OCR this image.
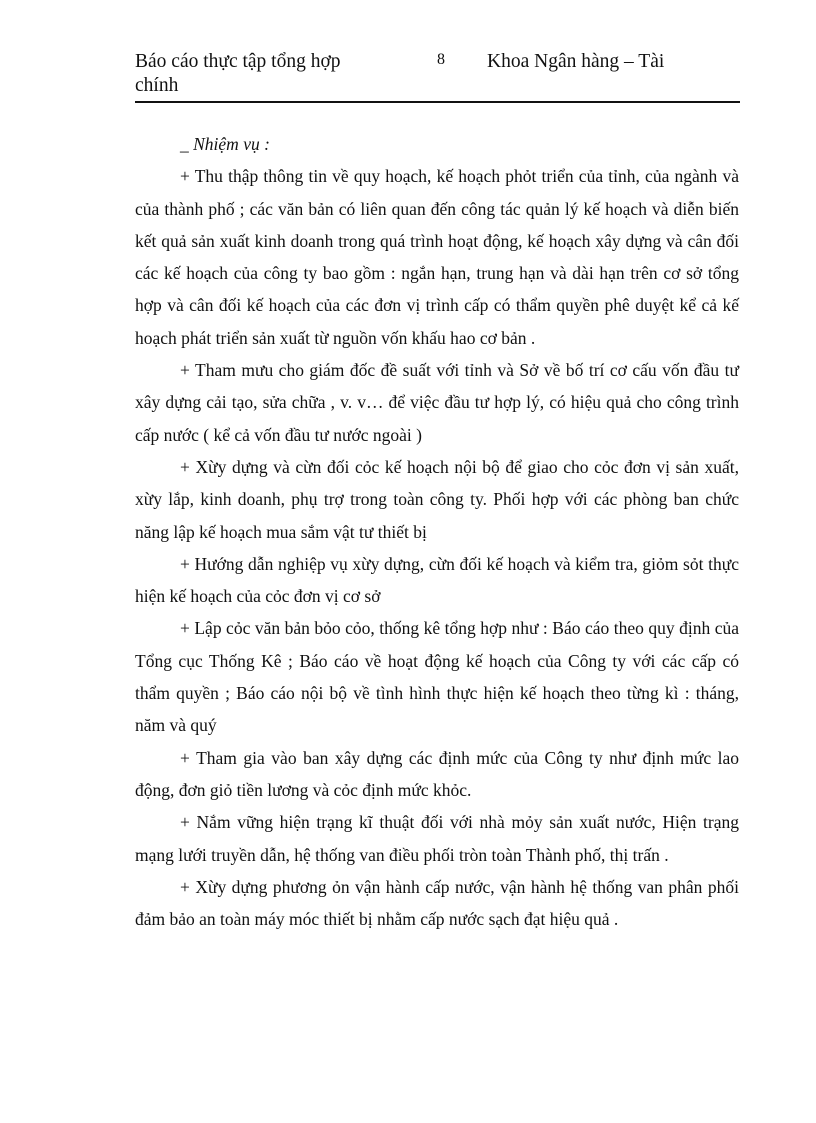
Báo cáo thực tập tổng hợp
chính
8 Khoa Ngân hàng – Tài

_ Nhiệm vụ :

+ Thu thập thông tin về quy hoạch, kế hoạch phỏt triển của tỉnh, của ngành và của thành phố ; các văn bản có liên quan đến công tác quản lý kế hoạch và diễn biến kết quả sản xuất kinh doanh trong quá trình hoạt động, kế hoạch xây dựng và cân đối các kế hoạch của công ty bao gồm : ngắn hạn, trung hạn và dài hạn trên cơ sở tổng hợp và cân đối kế hoạch của các đơn vị trình cấp có thẩm quyền phê duyệt kể cả kế hoạch phát triển sản xuất từ nguồn vốn khấu hao cơ bản .

+ Tham mưu cho giám đốc đề suất với tỉnh và Sở về bố trí cơ cấu vốn đầu tư xây dựng cải tạo, sửa chữa , v. v… để việc đầu tư hợp lý, có hiệu quả cho công trình cấp nước ( kể cả vốn đầu tư nước ngoài )

+ Xừy dựng và cừn đối cỏc kế hoạch nội bộ để giao cho cỏc đơn vị sản xuất, xừy lắp, kinh doanh, phụ trợ trong toàn công ty. Phối hợp với các phòng ban chức năng lập kế hoạch mua sắm vật tư thiết bị

+ Hướng dẫn nghiệp vụ xừy dựng, cừn đối kế hoạch và kiểm tra, giỏm sỏt thực hiện kế hoạch của cỏc đơn vị cơ sở

+ Lập cỏc văn bản bỏo cỏo, thống kê tổng hợp như : Báo cáo theo quy định của Tổng cục Thống Kê ; Báo cáo về hoạt động kế hoạch của Công ty với các cấp có thẩm quyền ; Báo cáo nội bộ về tình hình thực hiện kế hoạch theo từng kì : tháng, năm và quý

+ Tham gia vào ban xây dựng các định mức của Công ty như định mức lao động, đơn giỏ tiền lương và cỏc định mức khỏc.

+ Nắm vững hiện trạng kĩ thuật đối với nhà mỏy sản xuất nước, Hiện trạng mạng lưới truyền dẫn, hệ thống van điều phối tròn toàn Thành phố, thị trấn .

+ Xừy dựng phương ỏn vận hành cấp nước, vận hành hệ thống van phân phối đảm bảo an toàn máy móc thiết bị nhằm cấp nước sạch đạt hiệu quả .
